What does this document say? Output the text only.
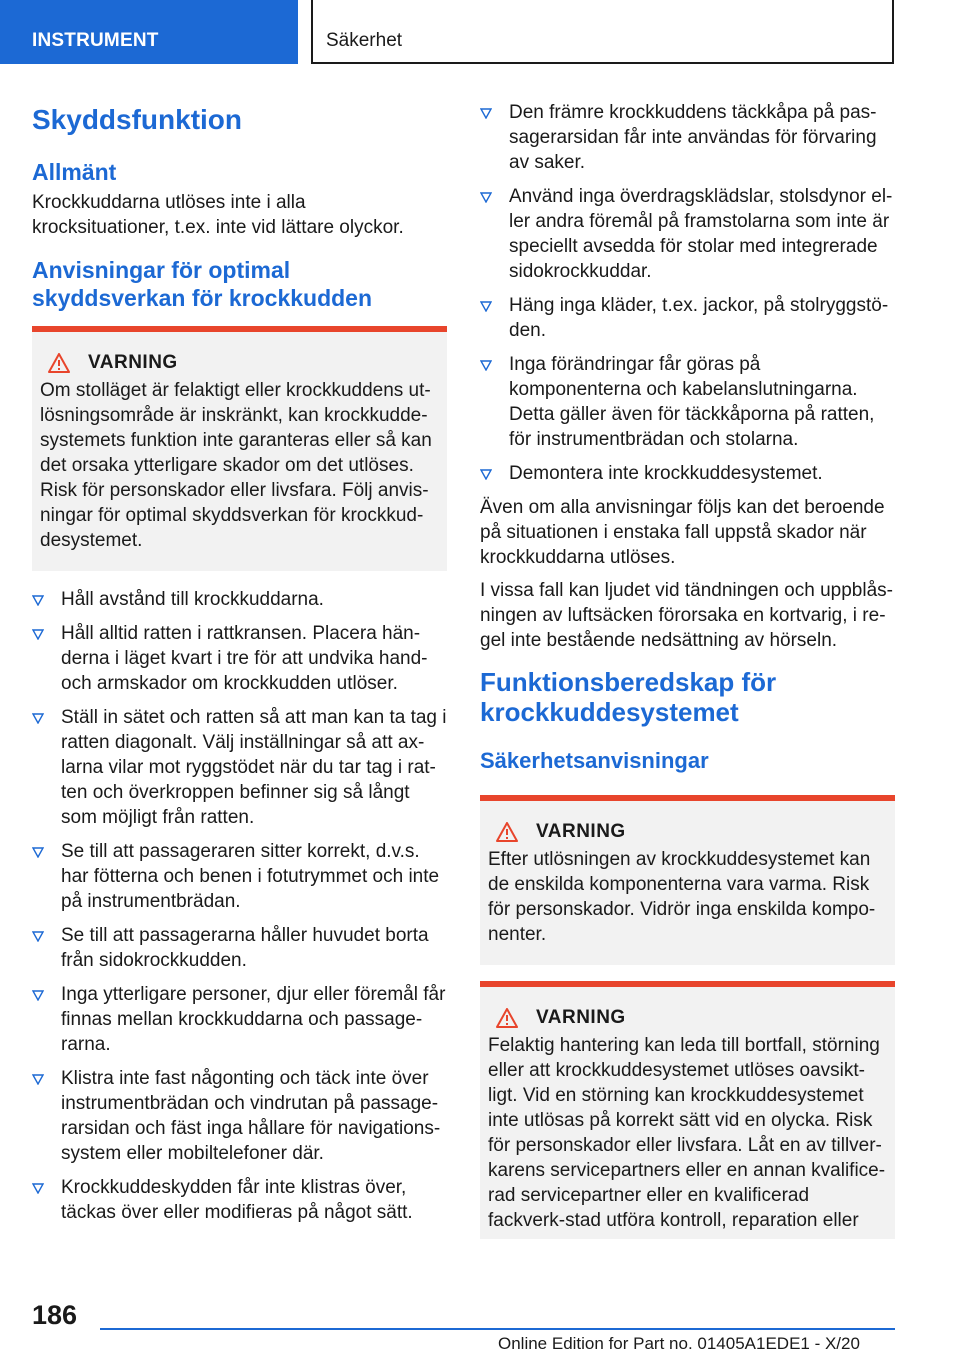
INSTRUMENT	Säkerhet
Skyddsfunktion
Allmänt

Krockkuddarna utlöses inte i alla krocksituationer, t.ex. inte vid lättare olyckor.

Anvisningar för optimal skyddsverkan för krockkudden
VARNING

Om stolläget är felaktigt eller krockkuddens ut-lösningsområde är inskränkt, kan krockkudde-systemets funktion inte garanteras eller så kan det orsaka ytterligare skador om det utlöses. Risk för personskador eller livsfara. Följ anvis-ningar för optimal skyddsverkan för krockkud-desystemet.

Håll avstånd till krockkuddarna.
Håll alltid ratten i rattkransen. Placera hän-derna i läget kvart i tre för att undvika hand- och armskador om krockkudden utlöser.
Ställ in sätet och ratten så att man kan ta tag i ratten diagonalt. Välj inställningar så att ax-larna vilar mot ryggstödet när du tar tag i rat-ten och överkroppen befinner sig så långt som möjligt från ratten.
Se till att passageraren sitter korrekt, d.v.s. har fötterna och benen i fotutrymmet och inte på instrumentbrädan.
Se till att passagerarna håller huvudet borta från sidokrockkudden.
Inga ytterligare personer, djur eller föremål får finnas mellan krockkuddarna och passage-rarna.
Klistra inte fast någonting och täck inte över instrumentbrädan och vindrutan på passage-rarsidan och fäst inga hållare för navigations-system eller mobiltelefoner där.
Krockkuddeskydden får inte klistras över, täckas över eller modifieras på något sätt.
Den främre krockkuddens täckkåpa på pas-sagerarsidan får inte användas för förvaring av saker.
Använd inga överdragsklädslar, stolsdynor el-ler andra föremål på framstolarna som inte är speciellt avsedda för stolar med integrerade sidokrockkuddar.
Häng inga kläder, t.ex. jackor, på stolryggstö-den.
Inga förändringar får göras på komponenterna och kabelanslutningarna. Detta gäller även för täckkåporna på ratten, för instrumentbrädan och stolarna.
Demontera inte krockkuddesystemet.

Även om alla anvisningar följs kan det beroende på situationen i enstaka fall uppstå skador när krockkuddarna utlöses.

I vissa fall kan ljudet vid tändningen och uppblås-ningen av luftsäcken förorsaka en kortvarig, i re-gel inte bestående nedsättning av hörseln.

Funktionsberedskap för krockkuddesystemet
Säkerhetsanvisningar
VARNING

Efter utlösningen av krockkuddesystemet kan de enskilda komponenterna vara varma. Risk för personskador. Vidrör inga enskilda kompo-nenter.

VARNING

Felaktig hantering kan leda till bortfall, störning eller att krockkuddesystemet utlöses oavsikt-ligt. Vid en störning kan krockkuddesystemet inte utlösas på korrekt sätt vid en olycka. Risk för personskador eller livsfara. Låt en av tillver-karens servicepartners eller en annan kvalifice-rad servicepartner eller en kvalificerad fackverk-stad utföra kontroll, reparation eller

186
Online Edition for Part no. 01405A1EDE1 - X/20
